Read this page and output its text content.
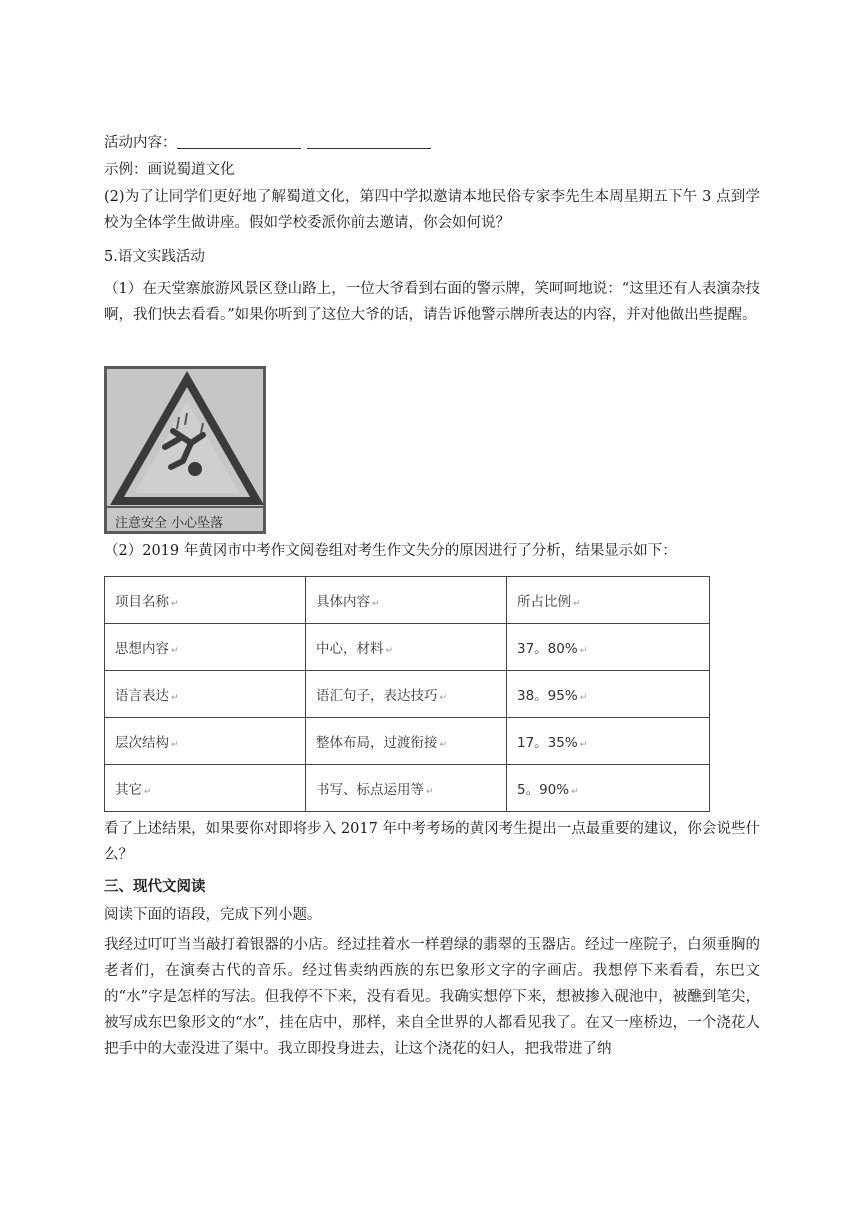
活动内容：
示例：画说蜀道文化
(2)为了让同学们更好地了解蜀道文化，第四中学拟邀请本地民俗专家李先生本周星期五下午 3 点到学校为全体学生做讲座。假如学校委派你前去邀请，你会如何说？
5.语文实践活动
（1）在天堂寨旅游风景区登山路上，一位大爷看到右面的警示牌，笑呵呵地说：“这里还有人表演杂技啊，我们快去看看。”如果你听到了这位大爷的话，请告诉他警示牌所表达的内容，并对他做出些提醒。
注意安全 小心坠落
（2）2019 年黄冈市中考作文阅卷组对考生作文失分的原因进行了分析，结果显示如下：
项目名称 ↵	具体内容 ↵	所占比例 ↵
思想内容 ↵	中心，材料 ↵	37。80% ↵
语言表达 ↵	语汇句子，表达技巧 ↵	38。95% ↵
层次结构 ↵	整体布局，过渡衔接 ↵	17。35% ↵
其它 ↵	书写、标点运用等 ↵	5。90% ↵
看了上述结果，如果要你对即将步入 2017 年中考考场的黄冈考生提出一点最重要的建议，你会说些什么？
三、现代文阅读
阅读下面的语段，完成下列小题。
我经过叮叮当当敲打着银器的小店。经过挂着水一样碧绿的翡翠的玉器店。经过一座院子，白须垂胸的老者们，在演奏古代的音乐。经过售卖纳西族的东巴象形文字的字画店。我想停下来看看，东巴文的“水”字是怎样的写法。但我停不下来，没有看见。我确实想停下来，想被掺入砚池中，被醮到笔尖，被写成东巴象形文的“水”，挂在店中，那样，来自全世界的人都看见我了。在又一座桥边，一个浇花人把手中的大壶没进了渠中。我立即投身进去，让这个浇花的妇人，把我带进了纳
